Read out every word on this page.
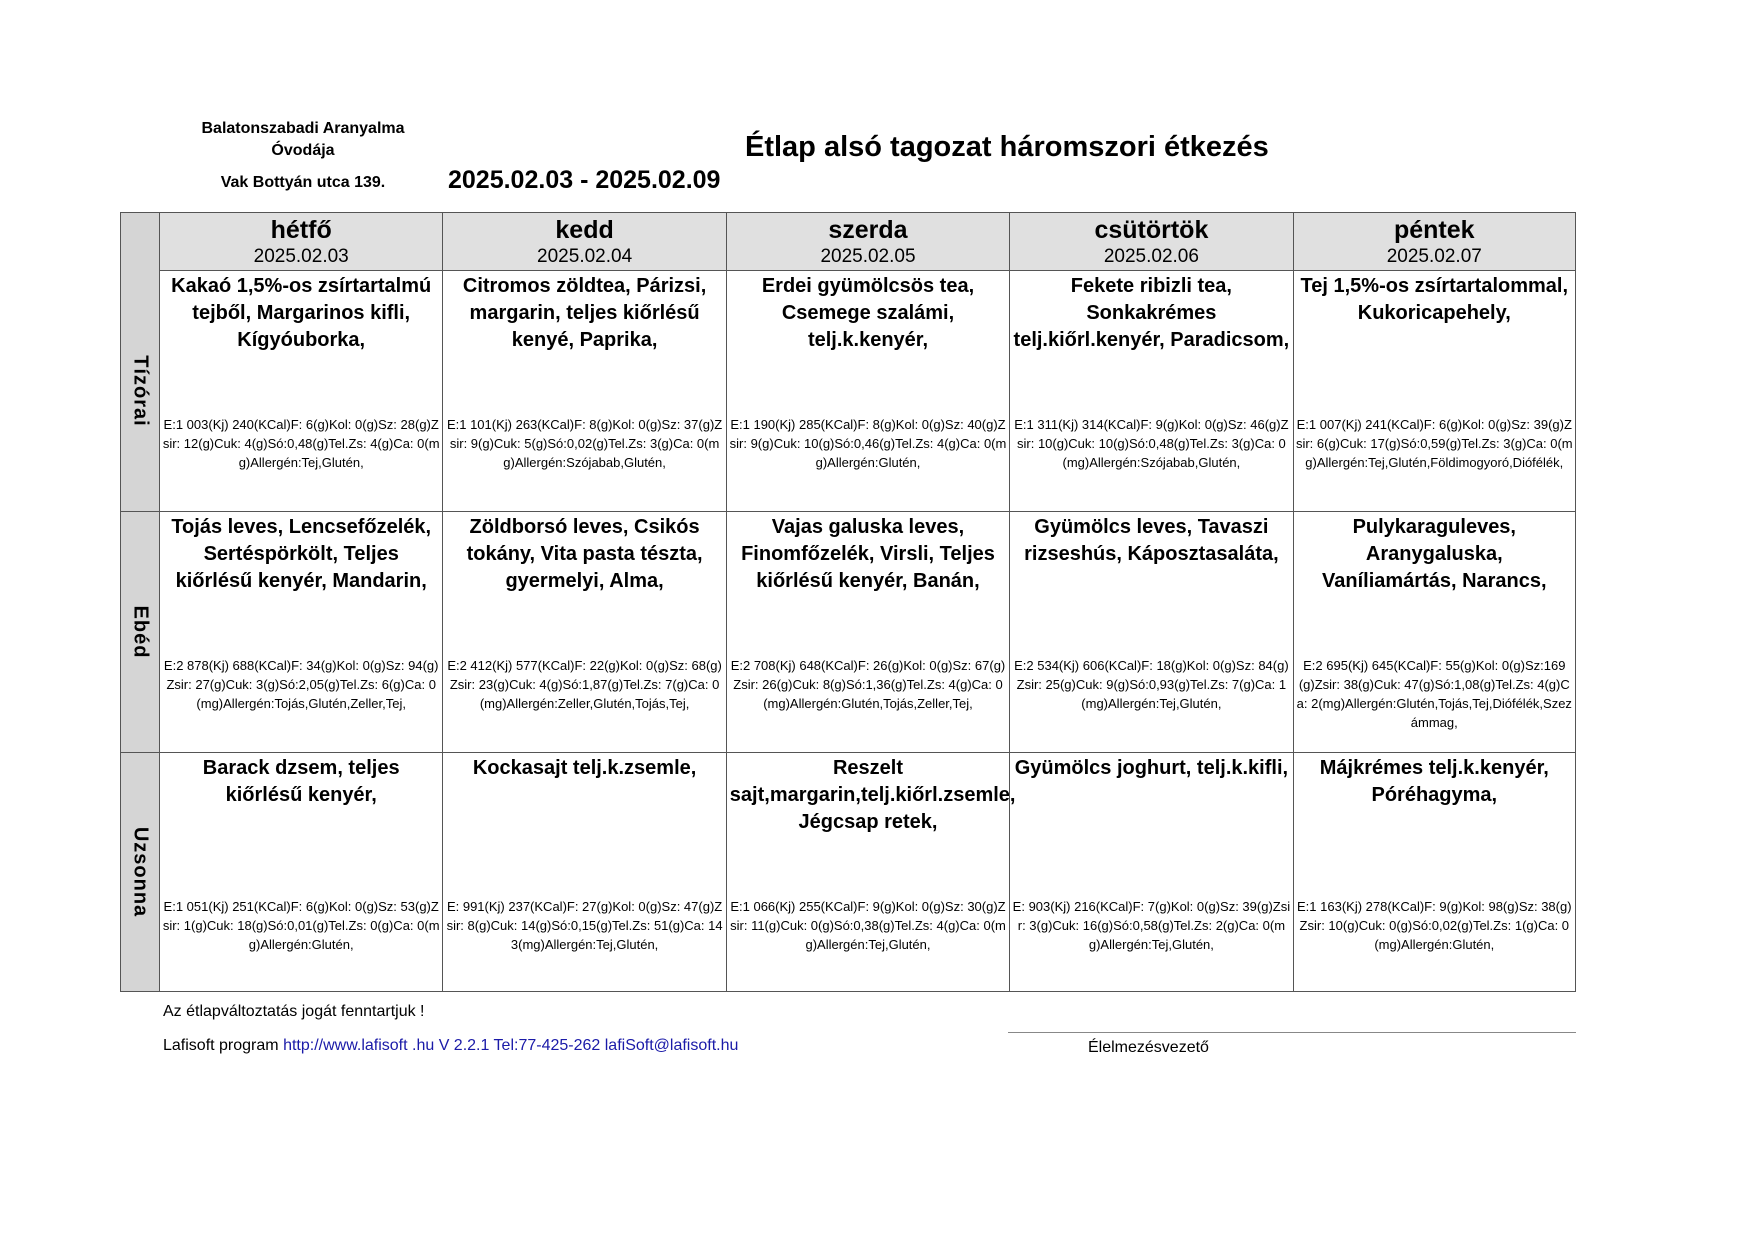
Balatonszabadi Aranyalma
Óvodája
Vak Bottyán utca 139.	2025.02.03 - 2025.02.09
Étlap alsó tagozat háromszori étkezés
hétfő
2025.02.03
kedd
2025.02.04
szerda
2025.02.05
csütörtök
2025.02.06
péntek
2025.02.07
Tízórai
Kakaó 1,5%-os zsírtartalmú tejből, Margarinos kifli, Kígyóuborka,
E:1 003(Kj) 240(KCal)F: 6(g)Kol: 0(g)Sz: 28(g)Zsir: 12(g)Cuk: 4(g)Só:0,48(g)Tel.Zs: 4(g)Ca: 0(mg)Allergén:Tej,Glutén,
Citromos zöldtea, Párizsi, margarin, teljes kiőrlésű kenyé, Paprika,
E:1 101(Kj) 263(KCal)F: 8(g)Kol: 0(g)Sz: 37(g)Zsir: 9(g)Cuk: 5(g)Só:0,02(g)Tel.Zs: 3(g)Ca: 0(mg)Allergén:Szójabab,Glutén,
Erdei gyümölcsös tea, Csemege szalámi, telj.k.kenyér,
E:1 190(Kj) 285(KCal)F: 8(g)Kol: 0(g)Sz: 40(g)Zsir: 9(g)Cuk: 10(g)Só:0,46(g)Tel.Zs: 4(g)Ca: 0(mg)Allergén:Glutén,
Fekete ribizli tea, Sonkakrémes telj.kiőrl.kenyér, Paradicsom,
E:1 311(Kj) 314(KCal)F: 9(g)Kol: 0(g)Sz: 46(g)Zsir: 10(g)Cuk: 10(g)Só:0,48(g)Tel.Zs: 3(g)Ca: 0(mg)Allergén:Szójabab,Glutén,
Tej 1,5%-os zsírtartalommal, Kukoricapehely,
E:1 007(Kj) 241(KCal)F: 6(g)Kol: 0(g)Sz: 39(g)Zsir: 6(g)Cuk: 17(g)Só:0,59(g)Tel.Zs: 3(g)Ca: 0(mg)Allergén:Tej,Glutén,Földimogyoró,Diófélék,
Ebéd
Tojás leves, Lencsefőzelék, Sertéspörkölt, Teljes kiőrlésű kenyér, Mandarin,
E:2 878(Kj) 688(KCal)F: 34(g)Kol: 0(g)Sz: 94(g)Zsir: 27(g)Cuk: 3(g)Só:2,05(g)Tel.Zs: 6(g)Ca: 0(mg)Allergén:Tojás,Glutén,Zeller,Tej,
Zöldborsó leves, Csikós tokány, Vita pasta tészta, gyermelyi, Alma,
E:2 412(Kj) 577(KCal)F: 22(g)Kol: 0(g)Sz: 68(g)Zsir: 23(g)Cuk: 4(g)Só:1,87(g)Tel.Zs: 7(g)Ca: 0(mg)Allergén:Zeller,Glutén,Tojás,Tej,
Vajas galuska leves, Finomfőzelék, Virsli, Teljes kiőrlésű kenyér, Banán,
E:2 708(Kj) 648(KCal)F: 26(g)Kol: 0(g)Sz: 67(g)Zsir: 26(g)Cuk: 8(g)Só:1,36(g)Tel.Zs: 4(g)Ca: 0(mg)Allergén:Glutén,Tojás,Zeller,Tej,
Gyümölcs leves, Tavaszi rizseshús, Káposztasaláta,
E:2 534(Kj) 606(KCal)F: 18(g)Kol: 0(g)Sz: 84(g)Zsir: 25(g)Cuk: 9(g)Só:0,93(g)Tel.Zs: 7(g)Ca: 1(mg)Allergén:Tej,Glutén,
Pulykaraguleves, Aranygaluska, Vaníliamártás, Narancs,
E:2 695(Kj) 645(KCal)F: 55(g)Kol: 0(g)Sz:169(g)Zsir: 38(g)Cuk: 47(g)Só:1,08(g)Tel.Zs: 4(g)Ca: 2(mg)Allergén:Glutén,Tojás,Tej,Diófélék,Szezámmag,
Uzsonna
Barack dzsem, teljes kiőrlésű kenyér,
E:1 051(Kj) 251(KCal)F: 6(g)Kol: 0(g)Sz: 53(g)Zsir: 1(g)Cuk: 18(g)Só:0,01(g)Tel.Zs: 0(g)Ca: 0(mg)Allergén:Glutén,
Kockasajt telj.k.zsemle,
E: 991(Kj) 237(KCal)F: 27(g)Kol: 0(g)Sz: 47(g)Zsir: 8(g)Cuk: 14(g)Só:0,15(g)Tel.Zs: 51(g)Ca: 143(mg)Allergén:Tej,Glutén,
Reszelt sajt,margarin,telj.kiőrl.zsemle, Jégcsap retek,
E:1 066(Kj) 255(KCal)F: 9(g)Kol: 0(g)Sz: 30(g)Zsir: 11(g)Cuk: 0(g)Só:0,38(g)Tel.Zs: 4(g)Ca: 0(mg)Allergén:Tej,Glutén,
Gyümölcs joghurt, telj.k.kifli,
E: 903(Kj) 216(KCal)F: 7(g)Kol: 0(g)Sz: 39(g)Zsir: 3(g)Cuk: 16(g)Só:0,58(g)Tel.Zs: 2(g)Ca: 0(mg)Allergén:Tej,Glutén,
Májkrémes telj.k.kenyér, Póréhagyma,
E:1 163(Kj) 278(KCal)F: 9(g)Kol: 98(g)Sz: 38(g)Zsir: 10(g)Cuk: 0(g)Só:0,02(g)Tel.Zs: 1(g)Ca: 0(mg)Allergén:Glutén,
Az étlapváltoztatás jogát fenntartjuk !
Lafisoft program http://www.lafisoft .hu V 2.2.1 Tel:77-425-262 lafiSoft@lafisoft.hu	Élelmezésvezető
